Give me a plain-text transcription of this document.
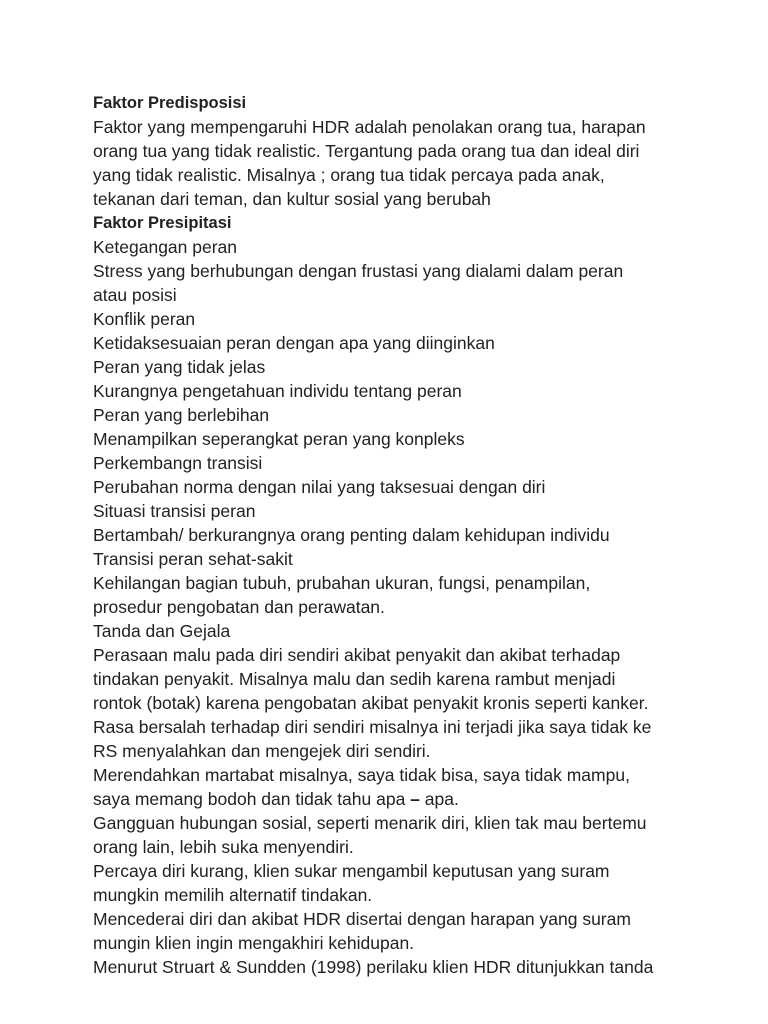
Faktor Predisposisi
Faktor yang mempengaruhi HDR adalah penolakan orang tua, harapan
orang tua yang tidak realistic. Tergantung pada orang tua dan ideal diri
yang tidak realistic. Misalnya ; orang tua tidak percaya pada anak,
tekanan dari teman, dan kultur sosial yang berubah
Faktor Presipitasi
Ketegangan peran
Stress yang berhubungan dengan frustasi yang dialami dalam peran
atau posisi
Konflik peran
Ketidaksesuaian peran dengan apa yang diinginkan
Peran yang tidak jelas
Kurangnya pengetahuan individu tentang peran
Peran yang berlebihan
Menampilkan seperangkat peran yang konpleks
Perkembangn transisi
Perubahan norma dengan nilai yang taksesuai dengan diri
Situasi transisi peran
Bertambah/ berkurangnya orang penting dalam kehidupan individu
Transisi peran sehat-sakit
Kehilangan bagian tubuh, prubahan ukuran, fungsi, penampilan,
prosedur pengobatan dan perawatan.
Tanda dan Gejala
Perasaan malu pada diri sendiri akibat penyakit dan akibat terhadap
tindakan penyakit. Misalnya malu dan sedih karena rambut menjadi
rontok (botak) karena pengobatan akibat penyakit kronis seperti kanker.
Rasa bersalah terhadap diri sendiri misalnya ini terjadi jika saya tidak ke
RS menyalahkan dan mengejek diri sendiri.
Merendahkan martabat misalnya, saya tidak bisa, saya tidak mampu,
saya memang bodoh dan tidak tahu apa – apa.
Gangguan hubungan sosial, seperti menarik diri, klien tak mau bertemu
orang lain, lebih suka menyendiri.
Percaya diri kurang, klien sukar mengambil keputusan yang suram
mungkin memilih alternatif tindakan.
Mencederai diri dan akibat HDR disertai dengan harapan yang suram
mungin klien ingin mengakhiri kehidupan.
Menurut Struart & Sundden (1998) perilaku klien HDR ditunjukkan tanda
